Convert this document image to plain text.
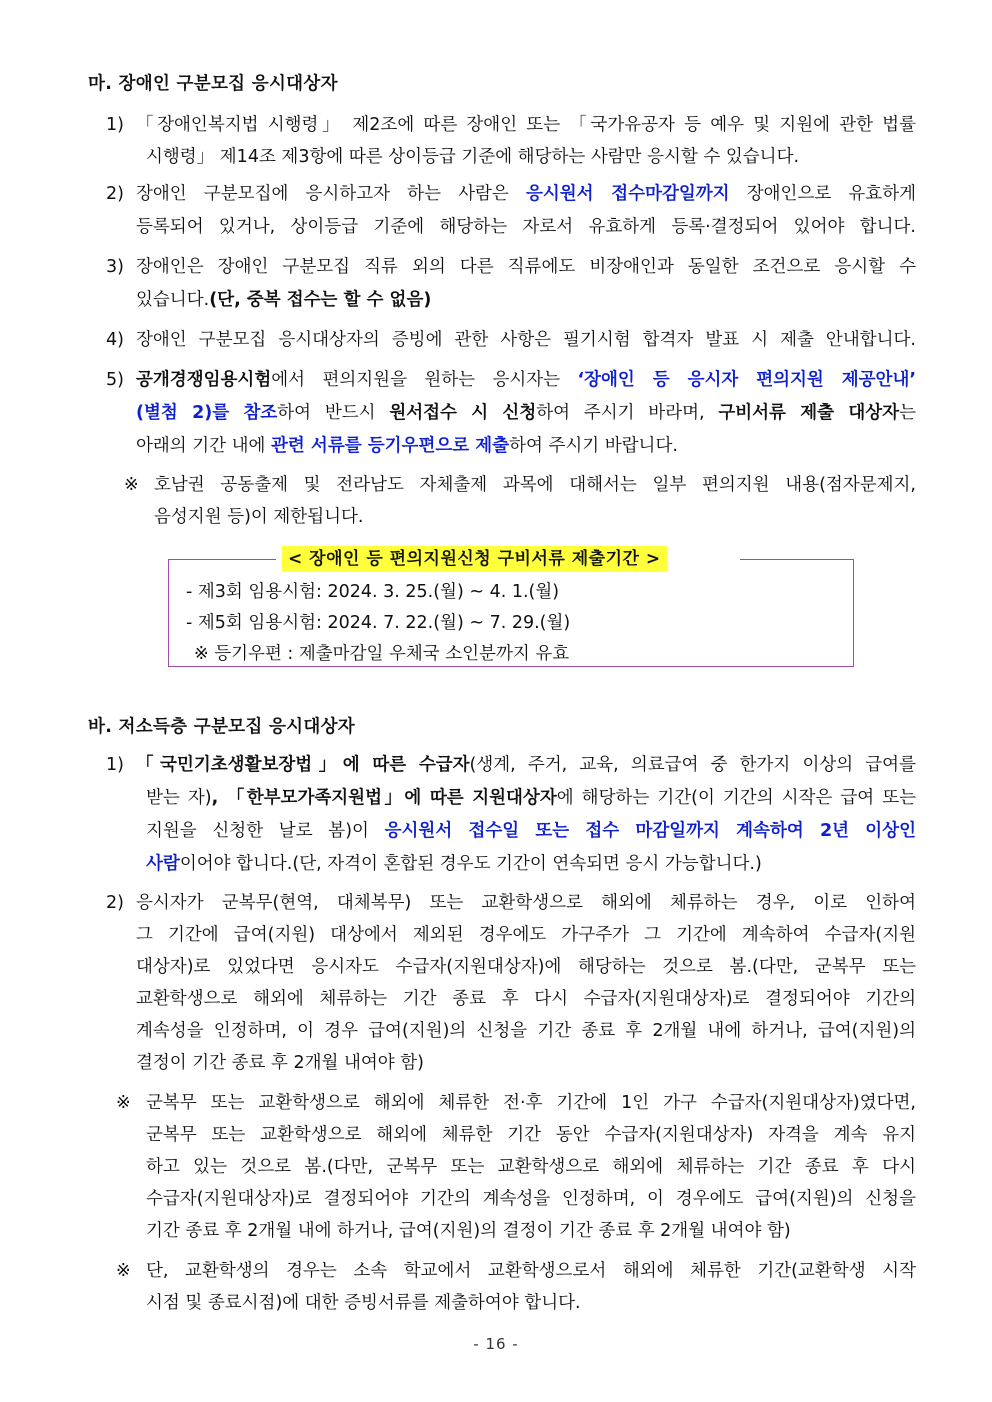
마. 장애인 구분모집 응시대상자
1) 「장애인복지법 시행령」 제2조에 따른 장애인 또는 「국가유공자 등 예우 및 지원에 관한 법률
시행령」 제14조 제3항에 따른 상이등급 기준에 해당하는 사람만 응시할 수 있습니다.
2) 장애인 구분모집에 응시하고자 하는 사람은 응시원서 접수마감일까지 장애인으로 유효하게
등록되어 있거나, 상이등급 기준에 해당하는 자로서 유효하게 등록·결정되어 있어야 합니다.
3) 장애인은 장애인 구분모집 직류 외의 다른 직류에도 비장애인과 동일한 조건으로 응시할 수
있습니다.(단, 중복 접수는 할 수 없음)
4) 장애인 구분모집 응시대상자의 증빙에 관한 사항은 필기시험 합격자 발표 시 제출 안내합니다.
5) 공개경쟁임용시험에서 편의지원을 원하는 응시자는 ‘장애인 등 응시자 편의지원 제공안내’
(별첨 2)를 참조하여 반드시 원서접수 시 신청하여 주시기 바라며, 구비서류 제출 대상자는
아래의 기간 내에 관련 서류를 등기우편으로 제출하여 주시기 바랍니다.
※ 호남권 공동출제 및 전라남도 자체출제 과목에 대해서는 일부 편의지원 내용(점자문제지,
음성지원 등)이 제한됩니다.
< 장애인 등 편의지원신청 구비서류 제출기간 >
- 제3회 임용시험: 2024. 3. 25.(월) ~ 4. 1.(월)
- 제5회 임용시험: 2024. 7. 22.(월) ~ 7. 29.(월)
※ 등기우편 : 제출마감일 우체국 소인분까지 유효
바. 저소득층 구분모집 응시대상자
1) 「국민기초생활보장법」에 따른 수급자(생계, 주거, 교육, 의료급여 중 한가지 이상의 급여를
받는 자), 「한부모가족지원법」에 따른 지원대상자에 해당하는 기간(이 기간의 시작은 급여 또는
지원을 신청한 날로 봄)이 응시원서 접수일 또는 접수 마감일까지 계속하여 2년 이상인
사람이어야 합니다.(단, 자격이 혼합된 경우도 기간이 연속되면 응시 가능합니다.)
2) 응시자가 군복무(현역, 대체복무) 또는 교환학생으로 해외에 체류하는 경우, 이로 인하여
그 기간에 급여(지원) 대상에서 제외된 경우에도 가구주가 그 기간에 계속하여 수급자(지원
대상자)로 있었다면 응시자도 수급자(지원대상자)에 해당하는 것으로 봄.(다만, 군복무 또는
교환학생으로 해외에 체류하는 기간 종료 후 다시 수급자(지원대상자)로 결정되어야 기간의
계속성을 인정하며, 이 경우 급여(지원)의 신청을 기간 종료 후 2개월 내에 하거나, 급여(지원)의
결정이 기간 종료 후 2개월 내여야 함)
※ 군복무 또는 교환학생으로 해외에 체류한 전·후 기간에 1인 가구 수급자(지원대상자)였다면,
군복무 또는 교환학생으로 해외에 체류한 기간 동안 수급자(지원대상자) 자격을 계속 유지
하고 있는 것으로 봄.(다만, 군복무 또는 교환학생으로 해외에 체류하는 기간 종료 후 다시
수급자(지원대상자)로 결정되어야 기간의 계속성을 인정하며, 이 경우에도 급여(지원)의 신청을
기간 종료 후 2개월 내에 하거나, 급여(지원)의 결정이 기간 종료 후 2개월 내여야 함)
※ 단, 교환학생의 경우는 소속 학교에서 교환학생으로서 해외에 체류한 기간(교환학생 시작
시점 및 종료시점)에 대한 증빙서류를 제출하여야 합니다.
- 16 -
